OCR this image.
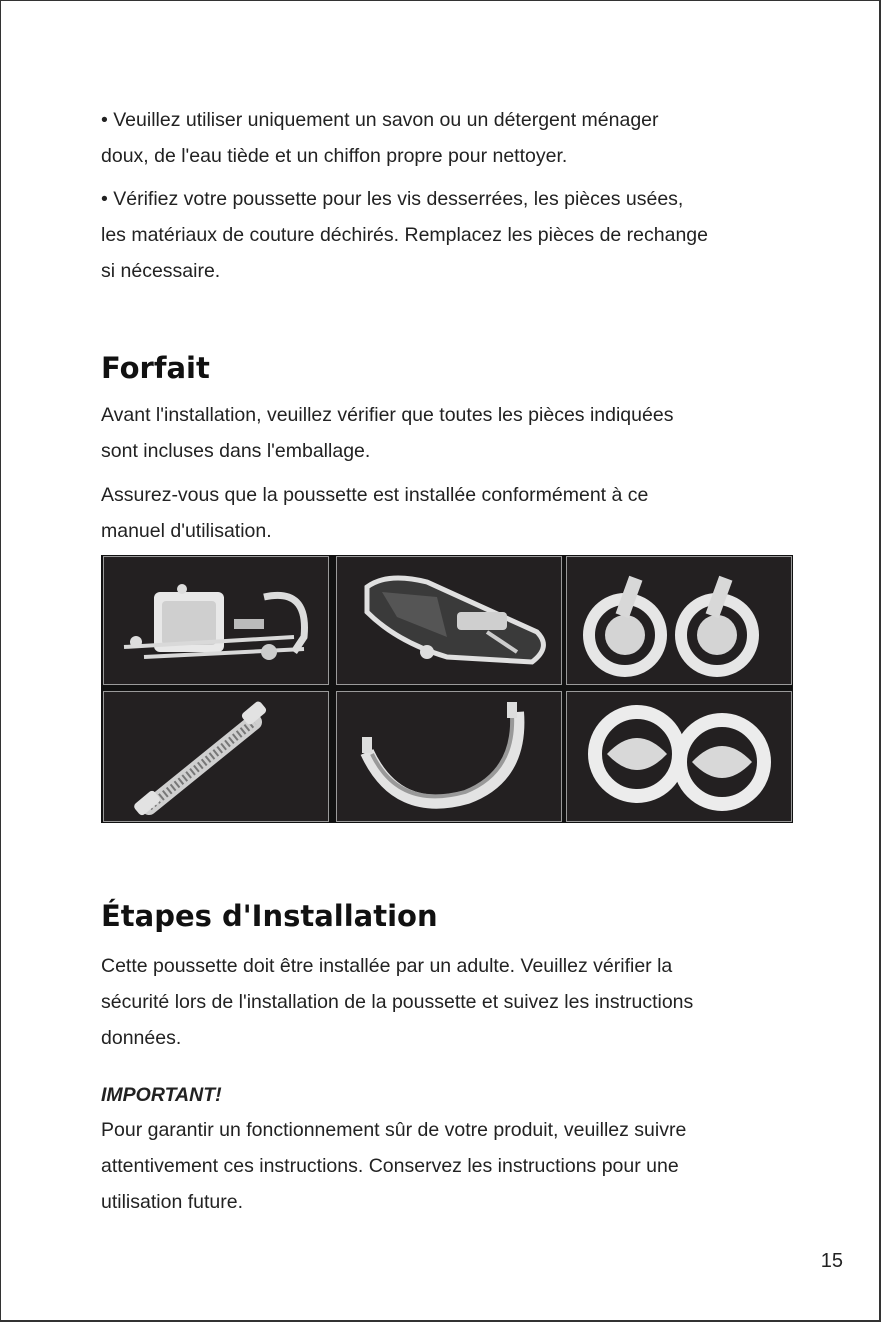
• Veuillez utiliser uniquement un savon ou un détergent ménager

doux, de l'eau tiède et un chiffon propre pour nettoyer.

• Vérifiez votre poussette pour les vis desserrées, les pièces usées,

les matériaux de couture déchirés. Remplacez les pièces de rechange

si nécessaire.

Forfait

Avant l'installation, veuillez vérifier que toutes les pièces indiquées

sont incluses dans l'emballage.

Assurez-vous que la poussette est installée conformément à ce

manuel d'utilisation.

Étapes d'Installation

Cette poussette doit être installée par un adulte. Veuillez vérifier la

sécurité lors de l'installation de la poussette et suivez les instructions

données.

IMPORTANT!

Pour garantir un fonctionnement sûr de votre produit, veuillez suivre

attentivement ces instructions. Conservez les instructions pour une

utilisation future.

15
